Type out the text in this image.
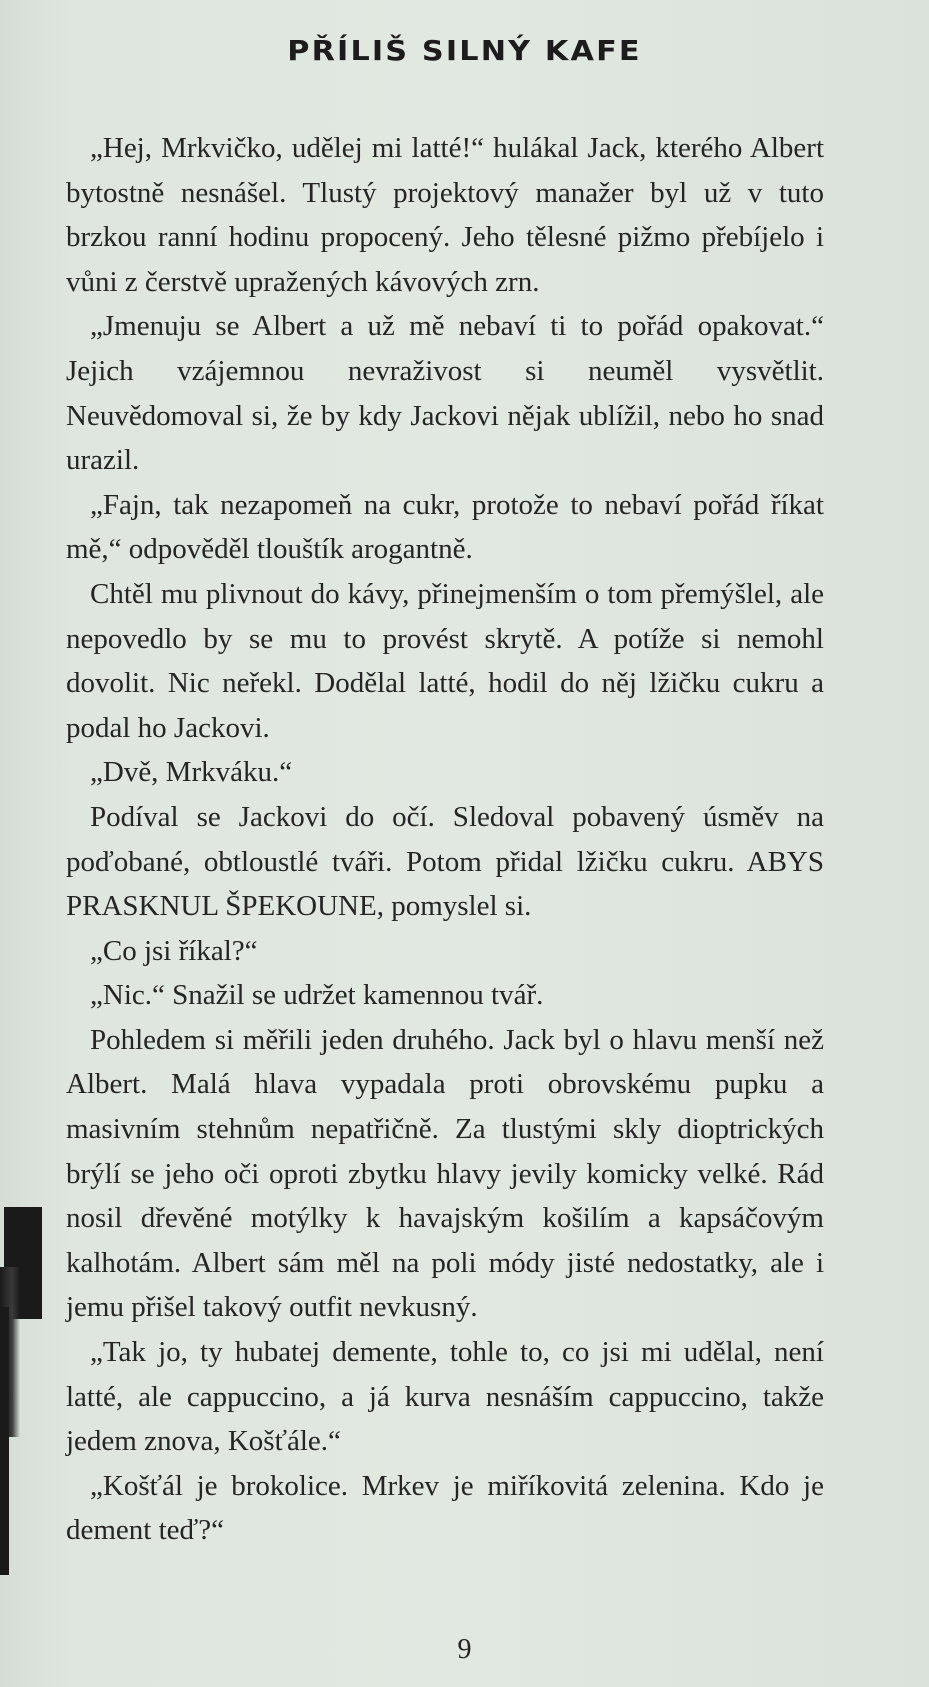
PŘÍLIŠ SILNÝ KAFE

„Hej, Mrkvičko, udělej mi latté!“ hulákal Jack, kterého Albert bytostně nesnášel. Tlustý projektový manažer byl už v tuto brzkou ranní hodinu propocený. Jeho tělesné pižmo přebíjelo i vůni z čerstvě upražených kávových zrn.

„Jmenuju se Albert a už mě nebaví ti to pořád opakovat.“ Jejich vzájemnou nevraživost si neuměl vysvětlit. Neuvědomoval si, že by kdy Jackovi nějak ublížil, nebo ho snad urazil.

„Fajn, tak nezapomeň na cukr, protože to nebaví pořád říkat mě,“ odpověděl tlouštík arogantně.

Chtěl mu plivnout do kávy, přinejmenším o tom přemýšlel, ale nepovedlo by se mu to provést skrytě. A potíže si nemohl dovolit. Nic neřekl. Dodělal latté, hodil do něj lžičku cukru a podal ho Jackovi.

„Dvě, Mrkváku.“

Podíval se Jackovi do očí. Sledoval pobavený úsměv na poďobané, obtloustlé tváři. Potom přidal lžičku cukru. ABYS PRASKNUL ŠPEKOUNE, pomyslel si.

„Co jsi říkal?“

„Nic.“ Snažil se udržet kamennou tvář.

Pohledem si měřili jeden druhého. Jack byl o hlavu menší než Albert. Malá hlava vypadala proti obrovskému pupku a masivním stehnům nepatřičně. Za tlustými skly dioptrických brýlí se jeho oči oproti zbytku hlavy jevily komicky velké. Rád nosil dřevěné motýlky k havajským košilím a kapsáčovým kalhotám. Albert sám měl na poli módy jisté nedostatky, ale i jemu přišel takový outfit nevkusný.

„Tak jo, ty hubatej demente, tohle to, co jsi mi udělal, není latté, ale cappuccino, a já kurva nesnáším cappuccino, takže jedem znova, Košťále.“

„Košťál je brokolice. Mrkev je miříkovitá zelenina. Kdo je dement teď?“

9
